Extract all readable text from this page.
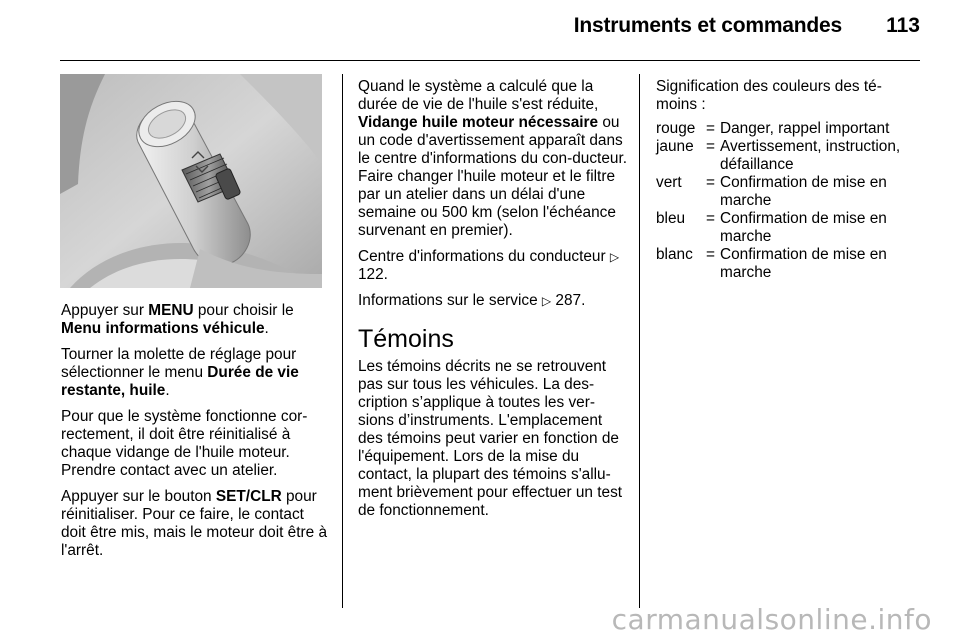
Instruments et commandes 113

Appuyer sur MENU pour choisir le Menu informations véhicule.

Tourner la molette de réglage pour sélectionner le menu Durée de vie restante, huile.

Pour que le système fonctionne cor-rectement, il doit être réinitialisé à chaque vidange de l'huile moteur. Prendre contact avec un atelier.

Appuyer sur le bouton SET/CLR pour réinitialiser. Pour ce faire, le contact doit être mis, mais le moteur doit être à l'arrêt.

Quand le système a calculé que la durée de vie de l'huile s'est réduite, Vidange huile moteur nécessaire ou un code d'avertissement apparaît dans le centre d'informations du con-ducteur. Faire changer l'huile moteur et le filtre par un atelier dans un délai d'une semaine ou 500 km (selon l'échéance survenant en premier).

Centre d'informations du conducteur ▷ 122.

Informations sur le service ▷ 287.

Témoins

Les témoins décrits ne se retrouvent pas sur tous les véhicules. La des-cription s’applique à toutes les ver-sions d’instruments. L'emplacement des témoins peut varier en fonction de l'équipement. Lors de la mise du contact, la plupart des témoins s'allu-ment brièvement pour effectuer un test de fonctionnement.

Signification des couleurs des té-moins :

rouge	=	Danger, rappel important
jaune	=	Avertissement, instruction, défaillance
vert	=	Confirmation de mise en marche
bleu	=	Confirmation de mise en marche
blanc	=	Confirmation de mise en marche
carmanualsonline.info
